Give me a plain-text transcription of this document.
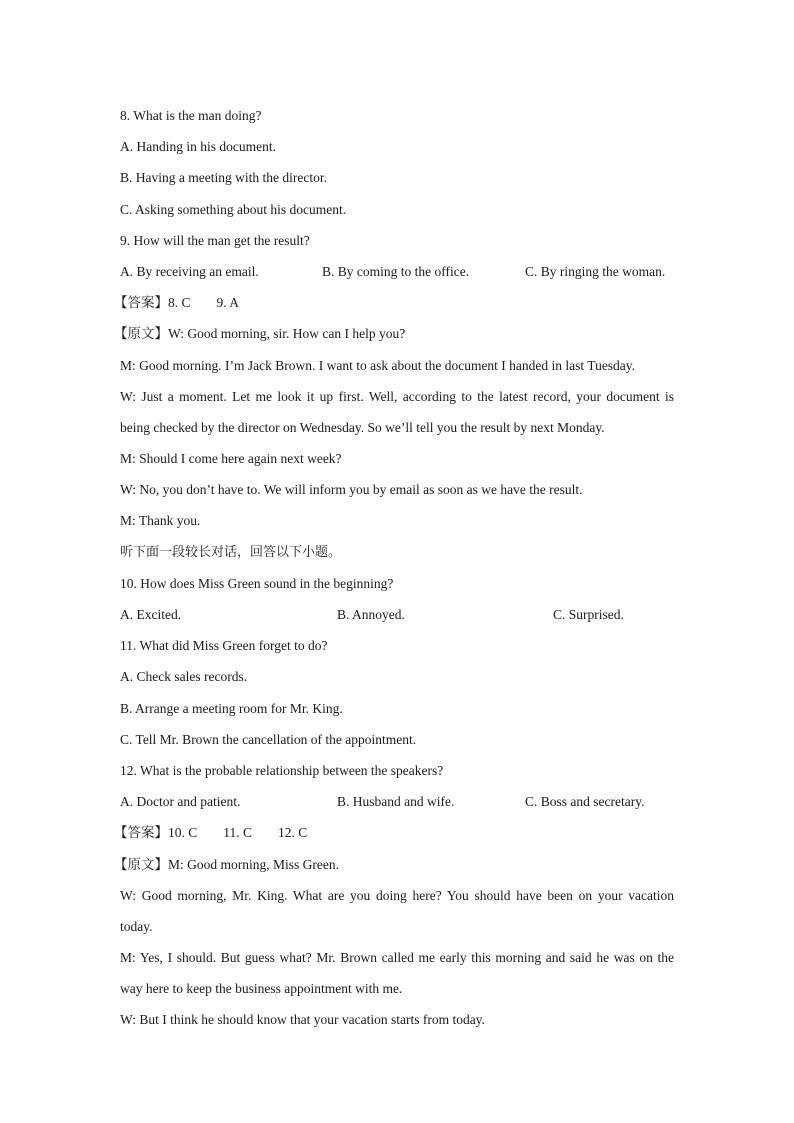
8. What is the man doing?
A. Handing in his document.
B. Having a meeting with the director.
C. Asking something about his document.
9. How will the man get the result?
A. By receiving an email.	B. By coming to the office.	C. By ringing the woman.
【答案】8. C 9. A
【原文】W: Good morning, sir. How can I help you?
M: Good morning. I’m Jack Brown. I want to ask about the document I handed in last Tuesday.
W: Just a moment. Let me look it up first. Well, according to the latest record, your document is
being checked by the director on Wednesday. So we’ll tell you the result by next Monday.
M: Should I come here again next week?
W: No, you don’t have to. We will inform you by email as soon as we have the result.
M: Thank you.
听下面一段较长对话，回答以下小题。
10. How does Miss Green sound in the beginning?
A. Excited.	B. Annoyed.	C. Surprised.
11. What did Miss Green forget to do?
A. Check sales records.
B. Arrange a meeting room for Mr. King.
C. Tell Mr. Brown the cancellation of the appointment.
12. What is the probable relationship between the speakers?
A. Doctor and patient.	B. Husband and wife.	C. Boss and secretary.
【答案】10. C 11. C 12. C
【原文】M: Good morning, Miss Green.
W: Good morning, Mr. King. What are you doing here? You should have been on your vacation
today.
M: Yes, I should. But guess what? Mr. Brown called me early this morning and said he was on the
way here to keep the business appointment with me.
W: But I think he should know that your vacation starts from today.
